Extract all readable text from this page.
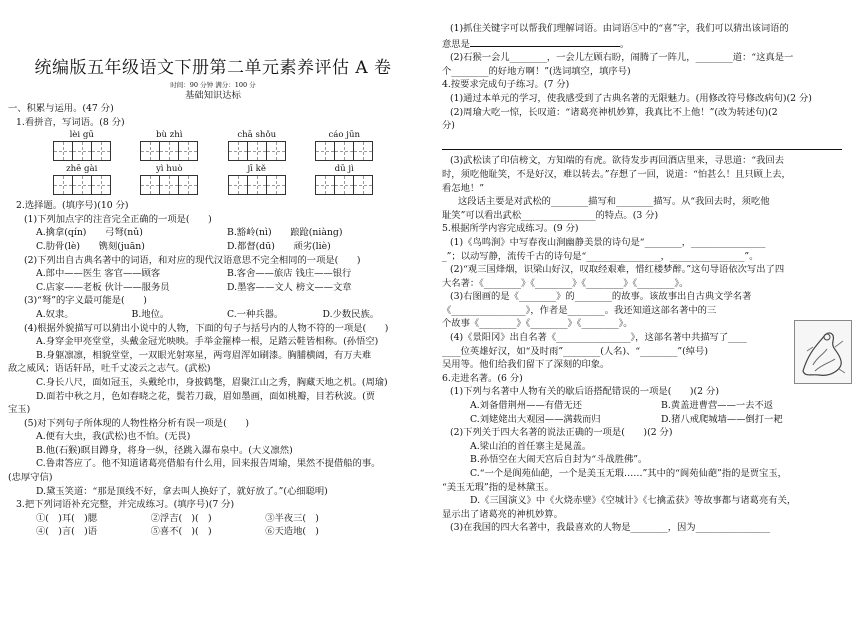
统编版五年级语文下册第二单元素养评估 A 卷

时间：90 分钟 满分：100 分

基础知识达标

一、积累与运用。(47 分)

1.看拼音，写词语。(8 分)

lèi gū	bù zhì	chā shǒu	cáo jūn
zhē gài	yì huò	jī kě	dū jì

2.选择题。(填序号)(10 分)

(1)下列加点字的注音完全正确的一项是(　　)

A.擒拿(qín)　　弓弩(nǔ)	B.豁岭(nì)　　踉跄(niàng)
C.肋骨(lè)　　镌刻(juān)	D.都督(dū)　　顽劣(liè)

(2)下列出自古典名著中的词语，和对应的现代汉语意思不完全相同的一项是(　　)

A.郎中——医生 客官——顾客	B.客舍——旅店 钱庄——银行
C.店家——老板 伙计——服务员	D.墨客——文人 榜文——文章

(3)“弩”的字义最可能是(　　)

A.奴隶。	B.地位。	C.一种兵器。	D.少数民族。

(4)根据外貌描写可以猜出小说中的人物，下面的句子与括号内的人物不符的一项是(　　)

A.身穿金甲亮堂堂，头戴金冠光映映。手举金箍棒一根，足踏云鞋皆相称。(孙悟空)

B.身躯凛凛，相貌堂堂，一双眼光射寒星，两弯眉浑如刷漆。胸脯横阔，有万夫难

敌之威风；语话轩昂，吐千丈凌云之志气。(武松)

C.身长八尺，面如冠玉，头戴纶巾，身披鹤氅，眉聚江山之秀，胸藏天地之机。(周瑜)

D.面若中秋之月，色如春晓之花，鬓若刀裁，眉如墨画，面如桃瓣，目若秋波。(贾

宝玉)

(5)对下列句子所体现的人物性格分析有误一项是(　　)

A.便有大虫，我(武松)也不怕。(无畏)

B.他(石猴)瞑目蹲身，将身一纵，径跳入瀑布泉中。(大义凛然)

C.鲁肃答应了。他不知道诸葛亮借船有什么用，回来报告周瑜，果然不提借船的事。

(忠厚守信)

D.黛玉笑道：“那是顶线不好，拿去叫人换好了，就好放了。”(心细聪明)

3.把下列词语补充完整，并完成练习。(填序号)(7 分)

①(　)耳(　)腮	②浮吉(　)(　)	③半夜三(　)
④(　)言(　)语	⑤喜不(　)(　)	⑥天造地(　)

(1)抓住关键字可以帮我们理解词语。由词语⑤中的“喜”字，我们可以猜出该词语的

意思是	。

(2)石猴一会儿________，一会儿左顾右盼，闹腾了一阵儿，________道：“这真是一

个________的好地方啊！”(选词填空，填序号)

4.按要求完成句子练习。(7 分)

(1)通过本单元的学习，使我感受到了古典名著的无限魅力。(用修改符号修改病句)(2 分)

(2)周瑜大吃一惊，长叹道：“诸葛亮神机妙算，我真比不上他！”(改为转述句)(2

分)

(3)武松读了印信榜文，方知端的有虎。欲待发步再回酒店里来，寻思道：“我回去

时，须吃他耻笑，不是好汉，难以转去。”存想了一回，说道：“怕甚么！且只顾上去，

看怎地！”

这段话主要是对武松的________描写和________描写。从“我回去时，须吃他

耻笑”可以看出武松________________的特点。(3 分)

5.根据所学内容完成练习。(9 分)

(1)《鸟鸣涧》中写春夜山涧幽静美景的诗句是“________，________________

_”；以动写静，流传千古的诗句是“________________，________________”。

(2)“观三国烽烟，识梁山好汉，叹取经艰难，惜红楼梦醉。”这句导语依次写出了四

大名著：《________》《________》《________》《________》。

(3)右图画的是《________》的________的故事。该故事出自古典文学名著

《________________》，作者是________。我还知道这部名著中的三

个故事《________》《________》《________》。

(4)《景阳冈》出自名著《________________》，这部名著中共描写了____

____位英雄好汉，如“及时雨”________(人名)、“________”(绰号)

吴用等。他们给我们留下了深刻的印象。

6.走进名著。(6 分)

(1)下列与名著中人物有关的歇后语搭配错误的一项是(　　)(2 分)

A.刘备借荆州——有借无还	B.黄盖进曹营——一去不返
C.刘姥姥出大观园——满载而归	D.猪八戒爬城墙——倒打一耙

(2)下列关于四大名著的说法正确的一项是(　　)(2 分)

A.梁山泊的首任寨主是晁盖。

B.孙悟空在大闹天宫后自封为“斗战胜佛”。

C.“一个是阆苑仙葩，一个是美玉无瑕……”其中的“阆苑仙葩”指的是贾宝玉，

“美玉无瑕”指的是林黛玉。

D.《三国演义》中《火烧赤壁》《空城计》《七擒孟获》等故事都与诸葛亮有关，

显示出了诸葛亮的神机妙算。

(3)在我国的四大名著中，我最喜欢的人物是________，因为________________
